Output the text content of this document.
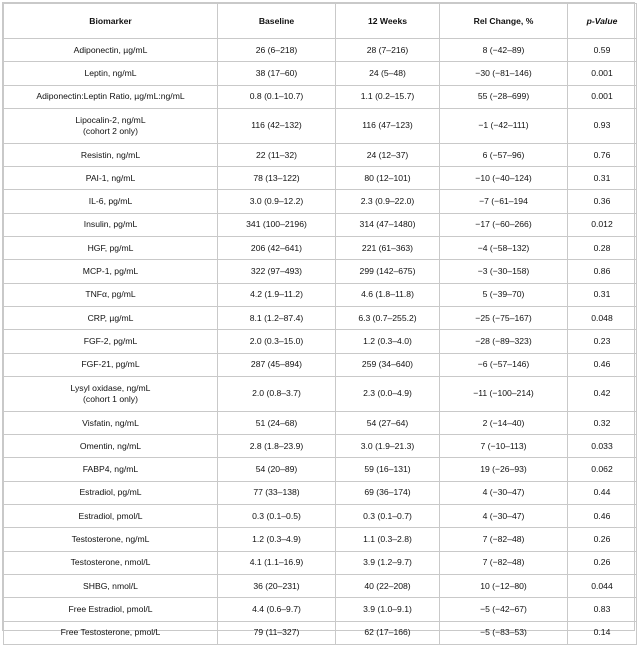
Biomarker	Baseline	12 Weeks	Rel Change, %	p-Value
Adiponectin, µg/mL	26 (6–218)	28 (7–216)	8 (−42–89)	0.59
Leptin, ng/mL	38 (17–60)	24 (5–48)	−30 (−81–146)	0.001
Adiponectin:Leptin Ratio, µg/mL:ng/mL	0.8 (0.1–10.7)	1.1 (0.2–15.7)	55 (−28–699)	0.001
Lipocalin-2, ng/mL
(cohort 2 only)	116 (42–132)	116 (47–123)	−1 (−42–111)	0.93
Resistin, ng/mL	22 (11–32)	24 (12–37)	6 (−57–96)	0.76
PAI-1, ng/mL	78 (13–122)	80 (12–101)	−10 (−40–124)	0.31
IL-6, pg/mL	3.0 (0.9–12.2)	2.3 (0.9–22.0)	−7 (−61–194	0.36
Insulin, pg/mL	341 (100–2196)	314 (47–1480)	−17 (−60–266)	0.012
HGF, pg/mL	206 (42–641)	221 (61–363)	−4 (−58–132)	0.28
MCP-1, pg/mL	322 (97–493)	299 (142–675)	−3 (−30–158)	0.86
TNFα, pg/mL	4.2 (1.9–11.2)	4.6 (1.8–11.8)	5 (−39–70)	0.31
CRP, µg/mL	8.1 (1.2–87.4)	6.3 (0.7–255.2)	−25 (−75–167)	0.048
FGF-2, pg/mL	2.0 (0.3–15.0)	1.2 (0.3–4.0)	−28 (−89–323)	0.23
FGF-21, pg/mL	287 (45–894)	259 (34–640)	−6 (−57–146)	0.46
Lysyl oxidase, ng/mL
(cohort 1 only)	2.0 (0.8–3.7)	2.3 (0.0–4.9)	−11 (−100–214)	0.42
Visfatin, ng/mL	51 (24–68)	54 (27–64)	2 (−14–40)	0.32
Omentin, ng/mL	2.8 (1.8–23.9)	3.0 (1.9–21.3)	7 (−10–113)	0.033
FABP4, ng/mL	54 (20–89)	59 (16–131)	19 (−26–93)	0.062
Estradiol, pg/mL	77 (33–138)	69 (36–174)	4 (−30–47)	0.44
Estradiol, pmol/L	0.3 (0.1–0.5)	0.3 (0.1–0.7)	4 (−30–47)	0.46
Testosterone, ng/mL	1.2 (0.3–4.9)	1.1 (0.3–2.8)	7 (−82–48)	0.26
Testosterone, nmol/L	4.1 (1.1–16.9)	3.9 (1.2–9.7)	7 (−82–48)	0.26
SHBG, nmol/L	36 (20–231)	40 (22–208)	10 (−12–80)	0.044
Free Estradiol, pmol/L	4.4 (0.6–9.7)	3.9 (1.0–9.1)	−5 (−42–67)	0.83
Free Testosterone, pmol/L	79 (11–327)	62 (17–166)	−5 (−83–53)	0.14
